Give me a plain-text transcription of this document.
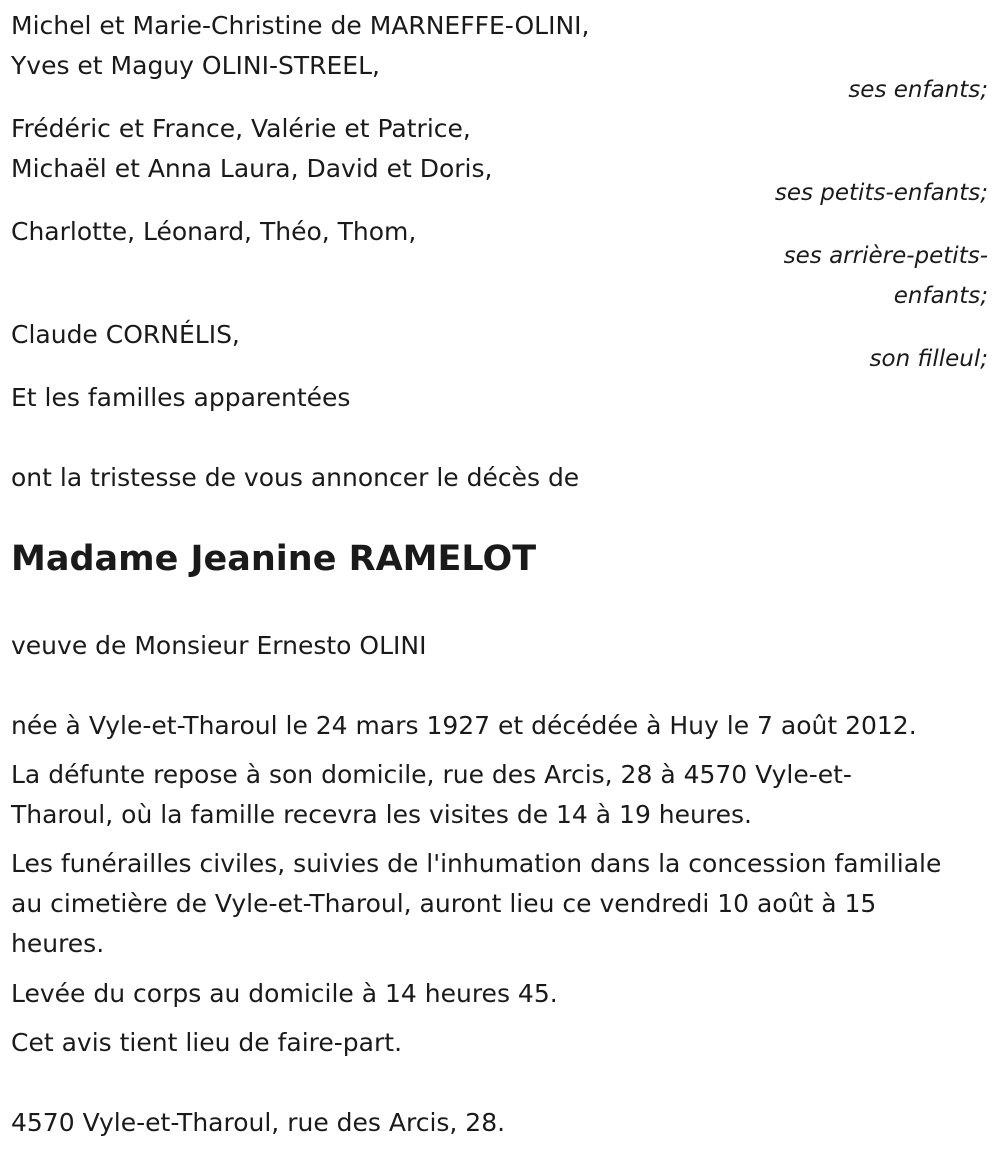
Michel et Marie-Christine de MARNEFFE-OLINI,
Yves et Maguy OLINI-STREEL,
ses enfants;
Frédéric et France, Valérie et Patrice,
Michaël et Anna Laura, David et Doris,
ses petits-enfants;
Charlotte, Léonard, Théo, Thom,
ses arrière-petits-
enfants;
Claude CORNÉLIS,
son filleul;
Et les familles apparentées
ont la tristesse de vous annoncer le décès de
Madame Jeanine RAMELOT
veuve de Monsieur Ernesto OLINI
née à Vyle-et-Tharoul le 24 mars 1927 et décédée à Huy le 7 août 2012.
La défunte repose à son domicile, rue des Arcis, 28 à 4570 Vyle-et-
Tharoul, où la famille recevra les visites de 14 à 19 heures.
Les funérailles civiles, suivies de l'inhumation dans la concession familiale
au cimetière de Vyle-et-Tharoul, auront lieu ce vendredi 10 août à 15
heures.
Levée du corps au domicile à 14 heures 45.
Cet avis tient lieu de faire-part.
4570 Vyle-et-Tharoul, rue des Arcis, 28.
